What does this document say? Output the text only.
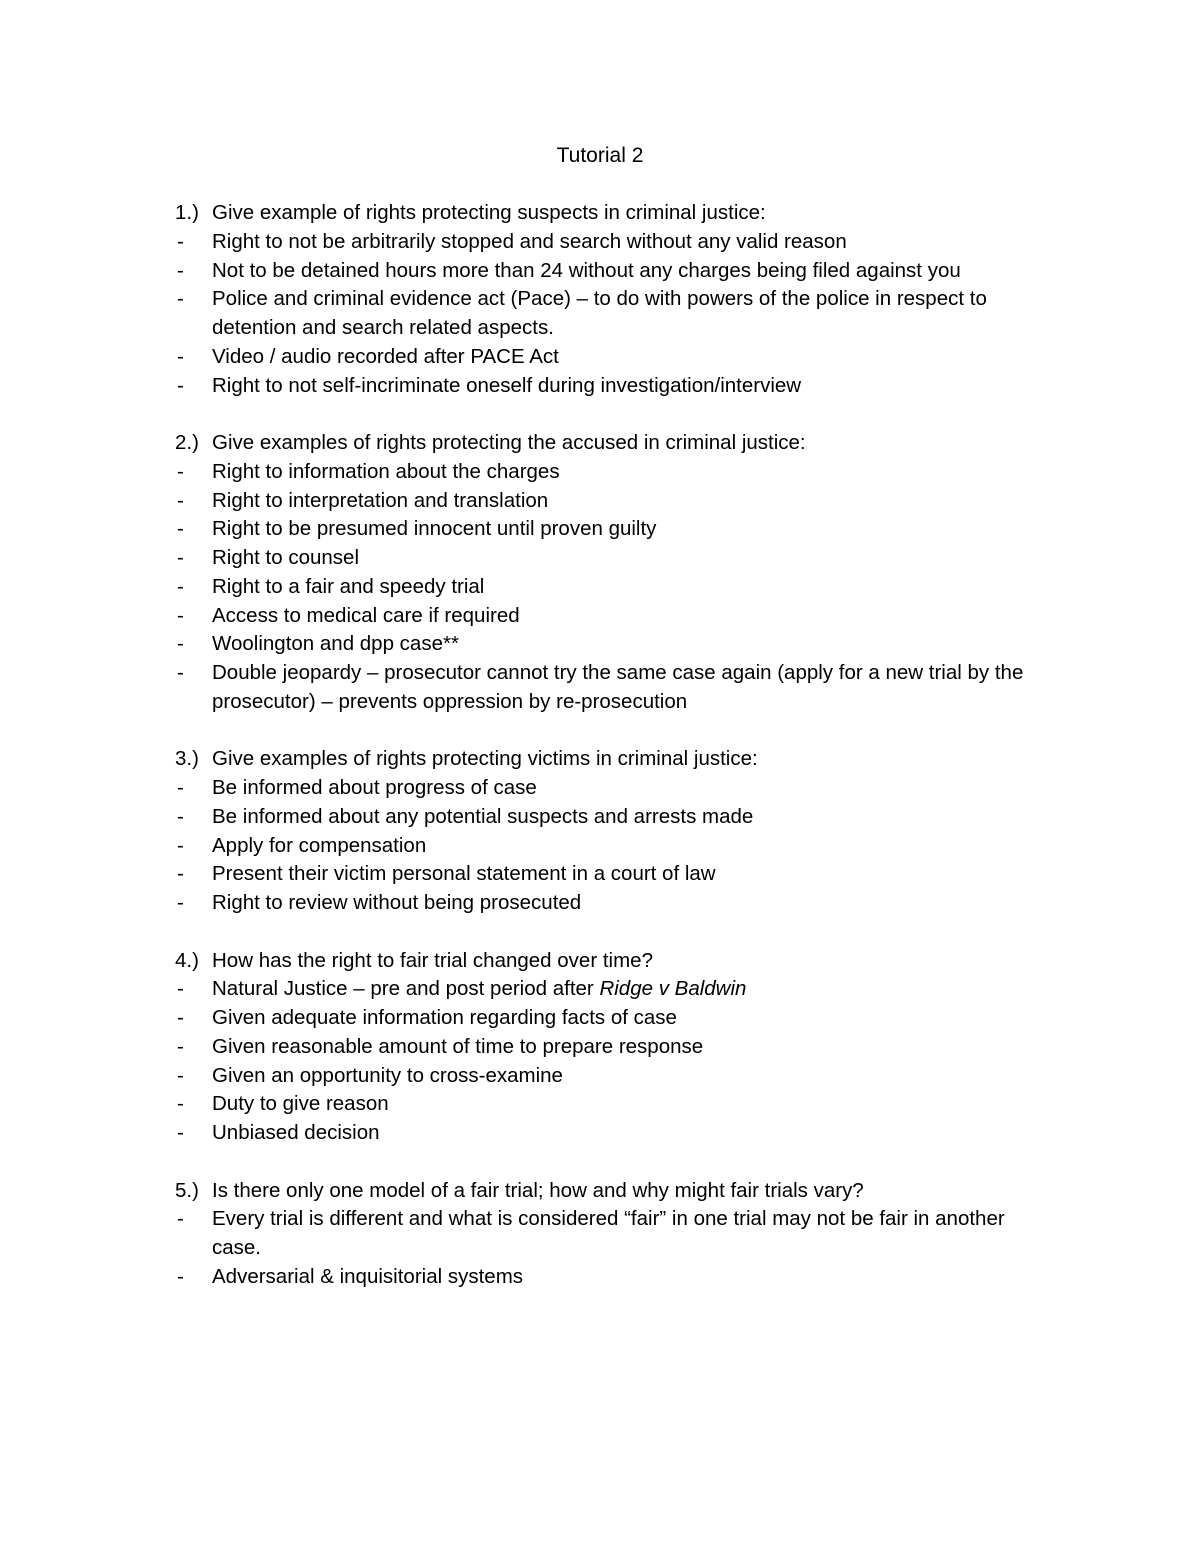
Tutorial 2
1.) Give example of rights protecting suspects in criminal justice:
- Right to not be arbitrarily stopped and search without any valid reason
- Not to be detained hours more than 24 without any charges being filed against you
- Police and criminal evidence act (Pace) – to do with powers of the police in respect to detention and search related aspects.
- Video / audio recorded after PACE Act
- Right to not self-incriminate oneself during investigation/interview
2.) Give examples of rights protecting the accused in criminal justice:
- Right to information about the charges
- Right to interpretation and translation
- Right to be presumed innocent until proven guilty
- Right to counsel
- Right to a fair and speedy trial
- Access to medical care if required
- Woolington and dpp case**
- Double jeopardy – prosecutor cannot try the same case again (apply for a new trial by the prosecutor) – prevents oppression by re-prosecution
3.) Give examples of rights protecting victims in criminal justice:
- Be informed about progress of case
- Be informed about any potential suspects and arrests made
- Apply for compensation
- Present their victim personal statement in a court of law
- Right to review without being prosecuted
4.) How has the right to fair trial changed over time?
- Natural Justice – pre and post period after Ridge v Baldwin
- Given adequate information regarding facts of case
- Given reasonable amount of time to prepare response
- Given an opportunity to cross-examine
- Duty to give reason
- Unbiased decision
5.) Is there only one model of a fair trial; how and why might fair trials vary?
- Every trial is different and what is considered “fair” in one trial may not be fair in another case.
- Adversarial & inquisitorial systems
